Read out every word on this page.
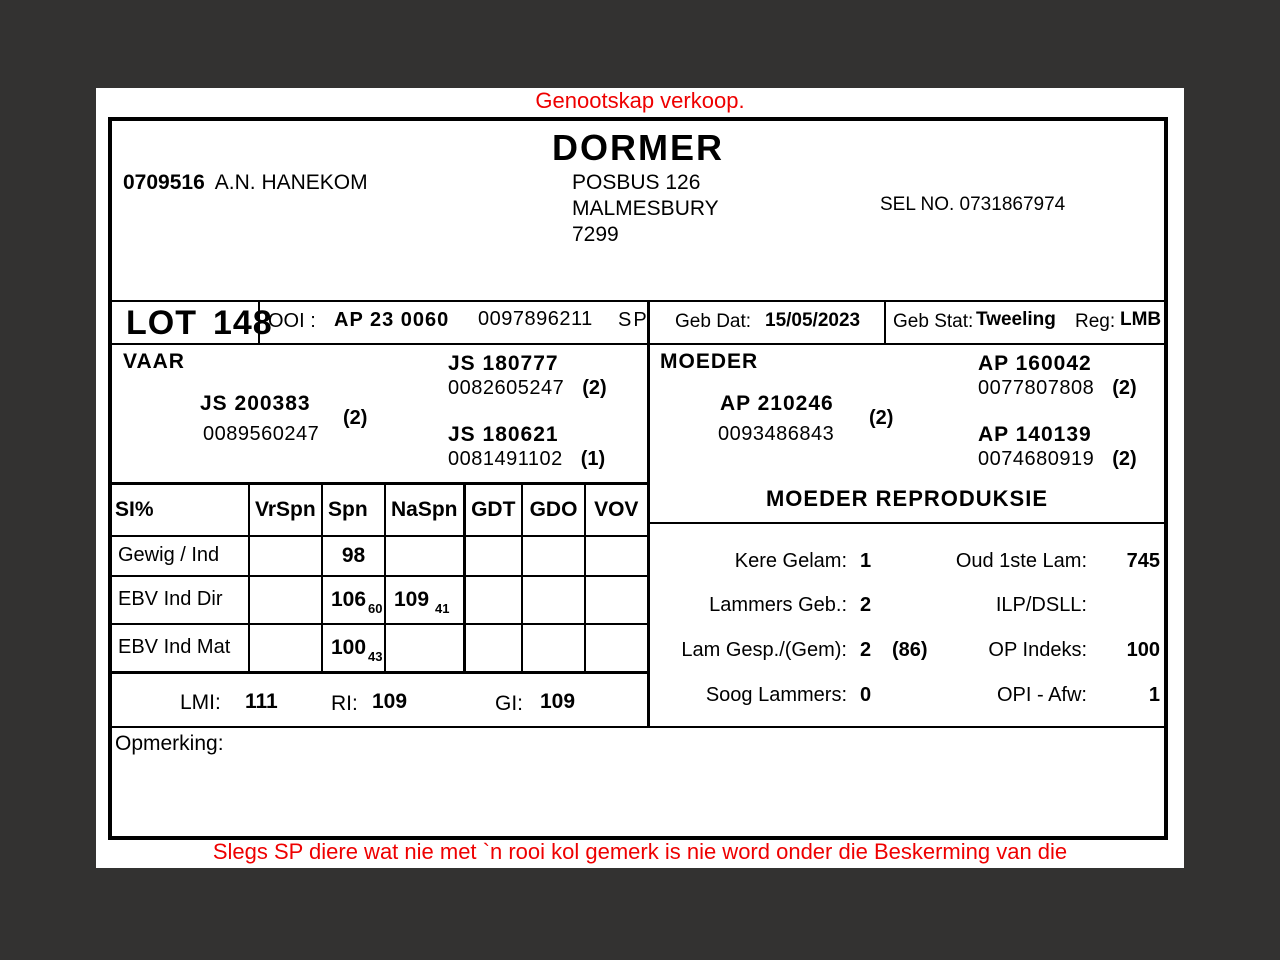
Genootskap verkoop.
DORMER
0709516 A.N. HANEKOM	POSBUS 126
MALMESBURY
7299
SEL NO. 0731867974
LOT 148
OOI : AP 23 0060 0097896211 SP Geb Dat: 15/05/2023 Geb Stat: Tweeling Reg: LMB
VAAR
JS 200383
0089560247
(2)
JS 180777
0082605247 (2)
JS 180621
0081491102 (1)
MOEDER
AP 210246
0093486843
(2)
AP 160042
0077807808 (2)
AP 140139
0074680919 (2)
SI%	VrSpn	Spn	NaSpn	GDT	GDO	VOV
Gewig / Ind		98				
EBV Ind Dir		106 $_{60}$	109 $_{41}$			
EBV Ind Mat		100 $_{43}$				
MOEDER REPRODUKSIE
Kere Gelam: 1	Oud 1ste Lam:	745
Lammers Geb.: 2	ILP/DSLL:
Lam Gesp./(Gem): 2 (86)	OP Indeks:	100
Soog Lammers: 0	OPI - Afw:	1
LMI: 111	RI: 109	GI: 109
Opmerking:
Slegs SP diere wat nie met `n rooi kol gemerk is nie word onder die Beskerming van die
